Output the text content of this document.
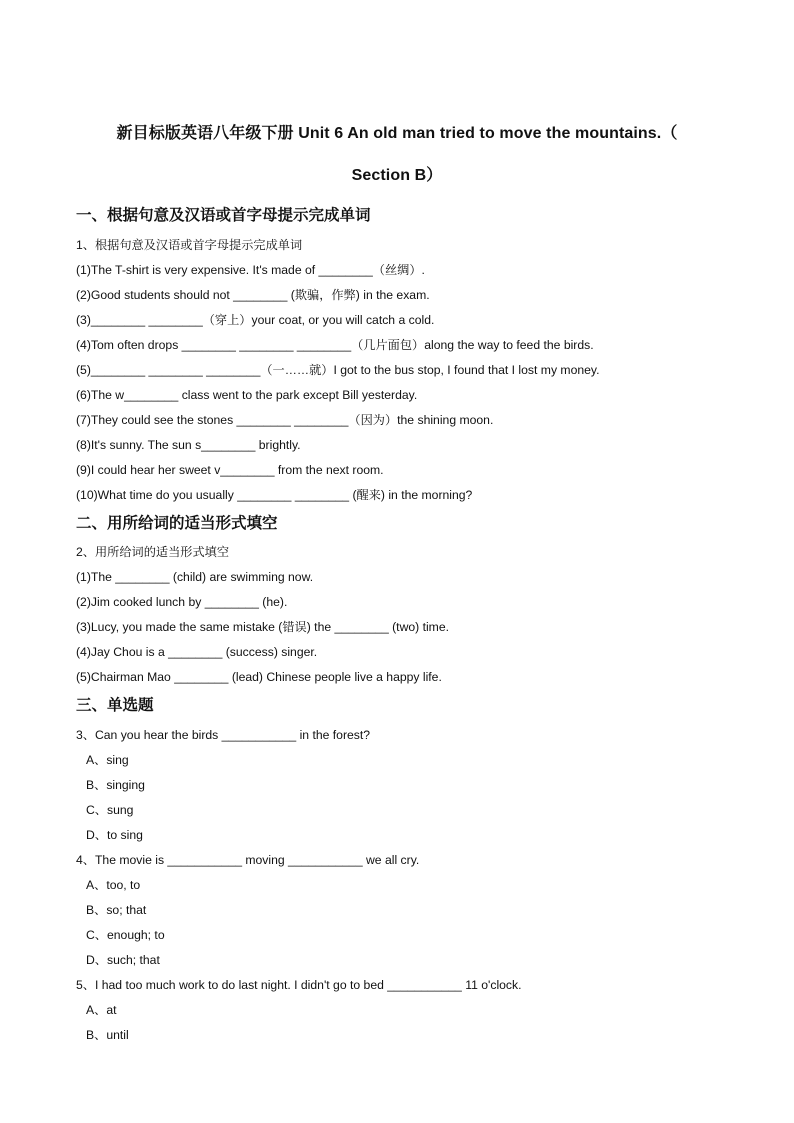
新目标版英语八年级下册 Unit 6 An old man tried to move the mountains.（
Section B）
一、根据句意及汉语或首字母提示完成单词
1、根据句意及汉语或首字母提示完成单词
(1)The T-shirt is very expensive. It's made of ________（丝绸）.
(2)Good students should not ________ (欺骗，作弊) in the exam.
(3)________ ________（穿上）your coat, or you will catch a cold.
(4)Tom often drops ________ ________ ________（几片面包）along the way to feed the birds.
(5)________ ________ ________（一……就）I got to the bus stop, I found that I lost my money.
(6)The w________ class went to the park except Bill yesterday.
(7)They could see the stones ________ ________（因为）the shining moon.
(8)It's sunny. The sun s________ brightly.
(9)I could hear her sweet v________ from the next room.
(10)What time do you usually ________ ________ (醒来) in the morning?
二、用所给词的适当形式填空
2、用所给词的适当形式填空
(1)The ________ (child) are swimming now.
(2)Jim cooked lunch by ________ (he).
(3)Lucy, you made the same mistake (错误) the ________ (two) time.
(4)Jay Chou is a ________ (success) singer.
(5)Chairman Mao ________ (lead) Chinese people live a happy life.
三、单选题
3、Can you hear the birds ___________ in the forest?
A、sing
B、singing
C、sung
D、to sing
4、The movie is ___________ moving ___________ we all cry.
A、too, to
B、so; that
C、enough; to
D、such; that
5、I had too much work to do last night. I didn't go to bed ___________ 11 o'clock.
A、at
B、until
